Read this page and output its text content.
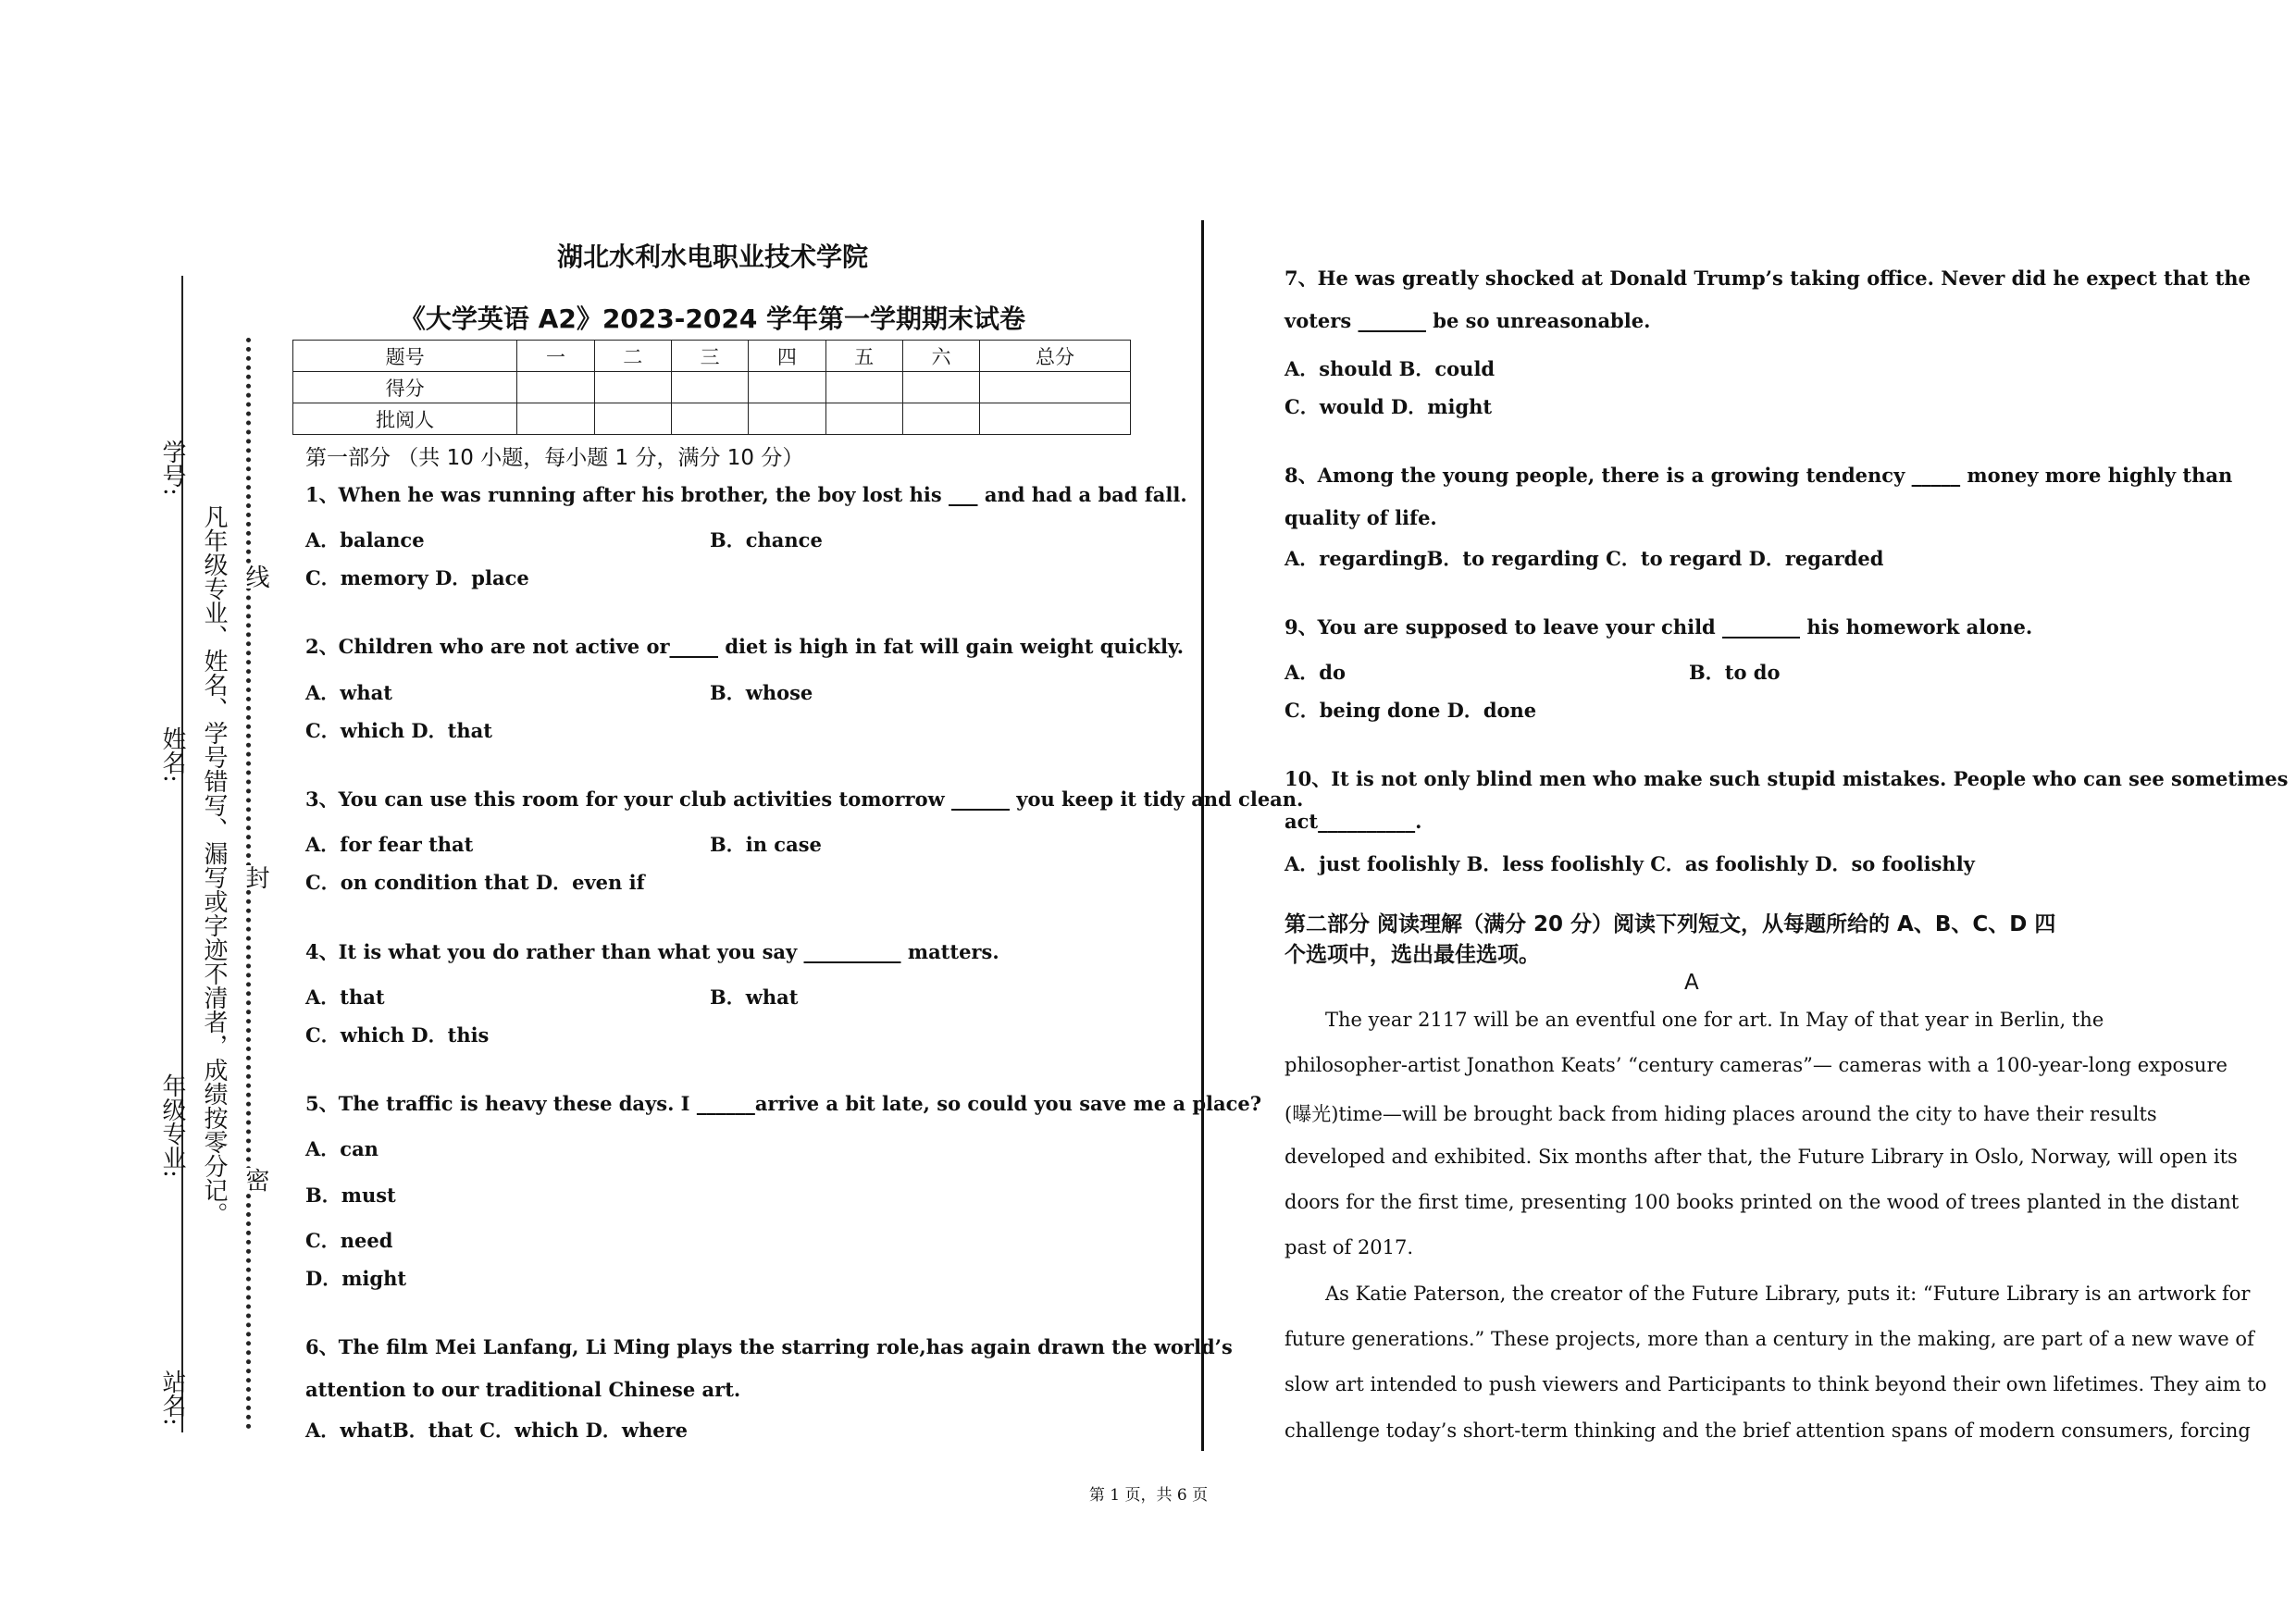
学号:
姓名:
年级专业:
站名:
凡年级专业、姓名、学号错写、漏写或字迹不清者，成绩按零分记。 线
封
密
湖北水利水电职业技术学院
《大学英语 A2》2023-2024 学年第一学期期末试卷
题号	一	二	三	四	五	六	总分
得分							
批阅人							
第一部分 （共 10 小题，每小题 1 分，满分 10 分）
1、When he was running after his brother, the boy lost his ___ and had a bad fall.
A．balance	B．chance
C．memory D．place
2、Children who are not active or_____ diet is high in fat will gain weight quickly.
A．what	B．whose
C．which D．that
3、You can use this room for your club activities tomorrow ______ you keep it tidy and clean.
A．for fear that	B．in case
C．on condition that D．even if
4、It is what you do rather than what you say __________ matters.
A．that	B．what
C．which D．this
5、The traffic is heavy these days. I ______arrive a bit late, so could you save me a place?
A．can
B．must
C．need
D．might
6、The film Mei Lanfang, Li Ming plays the starring role,has again drawn the world’s
attention to our traditional Chinese art.
A．whatB．that C．which D．where
7、He was greatly shocked at Donald Trump’s taking office. Never did he expect that the
voters _______ be so unreasonable.
A．should B．could
C．would D．might
8、Among the young people, there is a growing tendency _____ money more highly than
quality of life.
A．regardingB．to regarding C．to regard D．regarded
9、You are supposed to leave your child ________ his homework alone.
A．do	B．to do
C．being done D．done
10、It is not only blind men who make such stupid mistakes. People who can see sometimes
act__________.
A．just foolishly B．less foolishly C．as foolishly D．so foolishly
第二部分 阅读理解（满分 20 分）阅读下列短文，从每题所给的 A、B、C、D 四
个选项中，选出最佳选项。
A
The year 2117 will be an eventful one for art. In May of that year in Berlin, the
philosopher-artist Jonathon Keats’ “century cameras”— cameras with a 100-year-long exposure
(曝光)time—will be brought back from hiding places around the city to have their results
developed and exhibited. Six months after that, the Future Library in Oslo, Norway, will open its
doors for the first time, presenting 100 books printed on the wood of trees planted in the distant
past of 2017.
As Katie Paterson, the creator of the Future Library, puts it: “Future Library is an artwork for
future generations.” These projects, more than a century in the making, are part of a new wave of
slow art intended to push viewers and Participants to think beyond their own lifetimes. They aim to
challenge today’s short-term thinking and the brief attention spans of modern consumers, forcing
第 1 页，共 6 页
